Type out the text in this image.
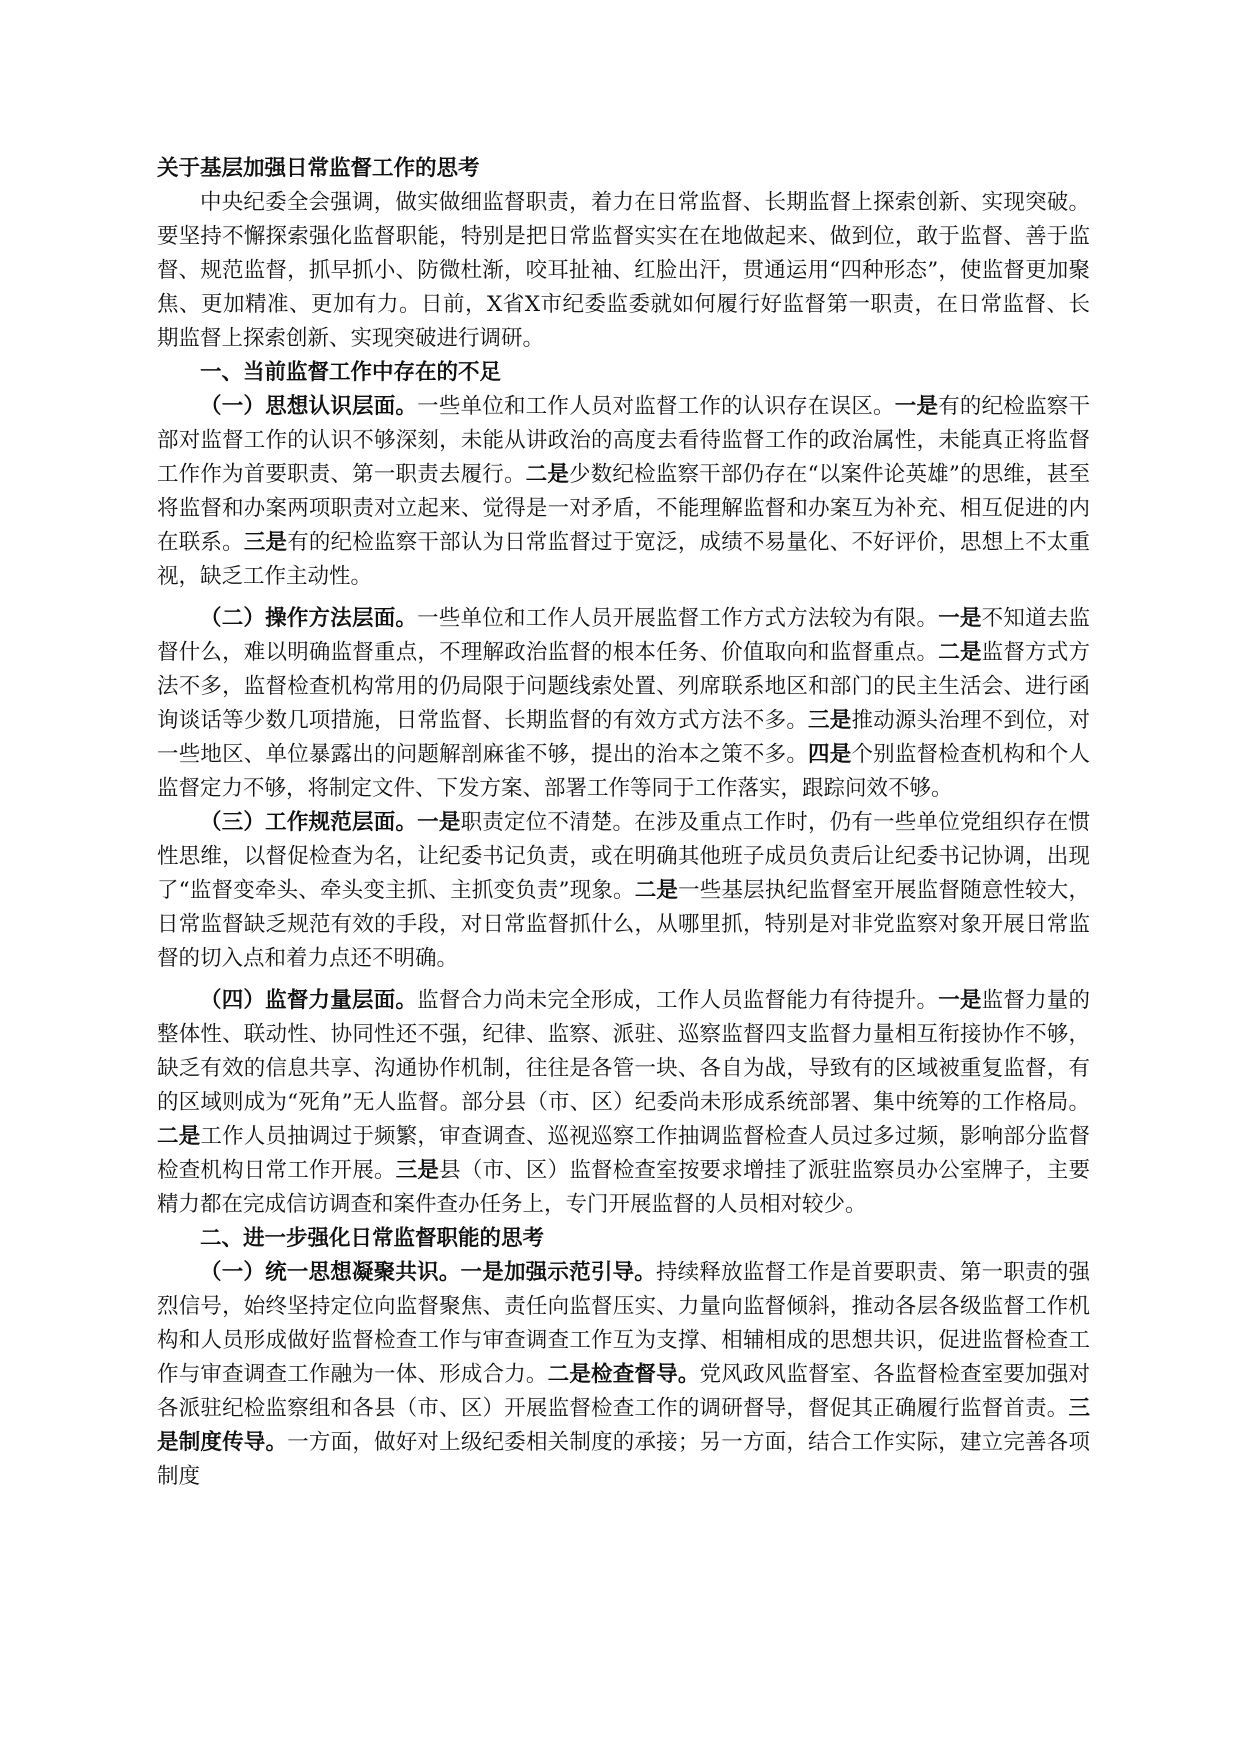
关于基层加强日常监督工作的思考

中央纪委全会强调，做实做细监督职责，着力在日常监督、长期监督上探索创新、实现突破。要坚持不懈探索强化监督职能，特别是把日常监督实实在在地做起来、做到位，敢于监督、善于监督、规范监督，抓早抓小、防微杜渐，咬耳扯袖、红脸出汗，贯通运用“四种形态”，使监督更加聚焦、更加精准、更加有力。日前，X省X市纪委监委就如何履行好监督第一职责，在日常监督、长期监督上探索创新、实现突破进行调研。

一、当前监督工作中存在的不足

（一）思想认识层面。一些单位和工作人员对监督工作的认识存在误区。一是有的纪检监察干部对监督工作的认识不够深刻，未能从讲政治的高度去看待监督工作的政治属性，未能真正将监督工作作为首要职责、第一职责去履行。二是少数纪检监察干部仍存在“以案件论英雄”的思维，甚至将监督和办案两项职责对立起来、觉得是一对矛盾，不能理解监督和办案互为补充、相互促进的内在联系。三是有的纪检监察干部认为日常监督过于宽泛，成绩不易量化、不好评价，思想上不太重视，缺乏工作主动性。

（二）操作方法层面。一些单位和工作人员开展监督工作方式方法较为有限。一是不知道去监督什么，难以明确监督重点，不理解政治监督的根本任务、价值取向和监督重点。二是监督方式方法不多，监督检查机构常用的仍局限于问题线索处置、列席联系地区和部门的民主生活会、进行函询谈话等少数几项措施，日常监督、长期监督的有效方式方法不多。三是推动源头治理不到位，对一些地区、单位暴露出的问题解剖麻雀不够，提出的治本之策不多。四是个别监督检查机构和个人监督定力不够，将制定文件、下发方案、部署工作等同于工作落实，跟踪问效不够。

（三）工作规范层面。一是职责定位不清楚。在涉及重点工作时，仍有一些单位党组织存在惯性思维，以督促检查为名，让纪委书记负责，或在明确其他班子成员负责后让纪委书记协调，出现了“监督变牵头、牵头变主抓、主抓变负责”现象。二是一些基层执纪监督室开展监督随意性较大，日常监督缺乏规范有效的手段，对日常监督抓什么，从哪里抓，特别是对非党监察对象开展日常监督的切入点和着力点还不明确。

（四）监督力量层面。监督合力尚未完全形成，工作人员监督能力有待提升。一是监督力量的整体性、联动性、协同性还不强，纪律、监察、派驻、巡察监督四支监督力量相互衔接协作不够，缺乏有效的信息共享、沟通协作机制，往往是各管一块、各自为战，导致有的区域被重复监督，有的区域则成为“死角”无人监督。部分县（市、区）纪委尚未形成系统部署、集中统筹的工作格局。二是工作人员抽调过于频繁，审查调查、巡视巡察工作抽调监督检查人员过多过频，影响部分监督检查机构日常工作开展。三是县（市、区）监督检查室按要求增挂了派驻监察员办公室牌子，主要精力都在完成信访调查和案件查办任务上，专门开展监督的人员相对较少。

二、进一步强化日常监督职能的思考

（一）统一思想凝聚共识。一是加强示范引导。持续释放监督工作是首要职责、第一职责的强烈信号，始终坚持定位向监督聚焦、责任向监督压实、力量向监督倾斜，推动各层各级监督工作机构和人员形成做好监督检查工作与审查调查工作互为支撑、相辅相成的思想共识，促进监督检查工作与审查调查工作融为一体、形成合力。二是检查督导。党风政风监督室、各监督检查室要加强对各派驻纪检监察组和各县（市、区）开展监督检查工作的调研督导，督促其正确履行监督首责。三是制度传导。一方面，做好对上级纪委相关制度的承接；另一方面，结合工作实际，建立完善各项制度
